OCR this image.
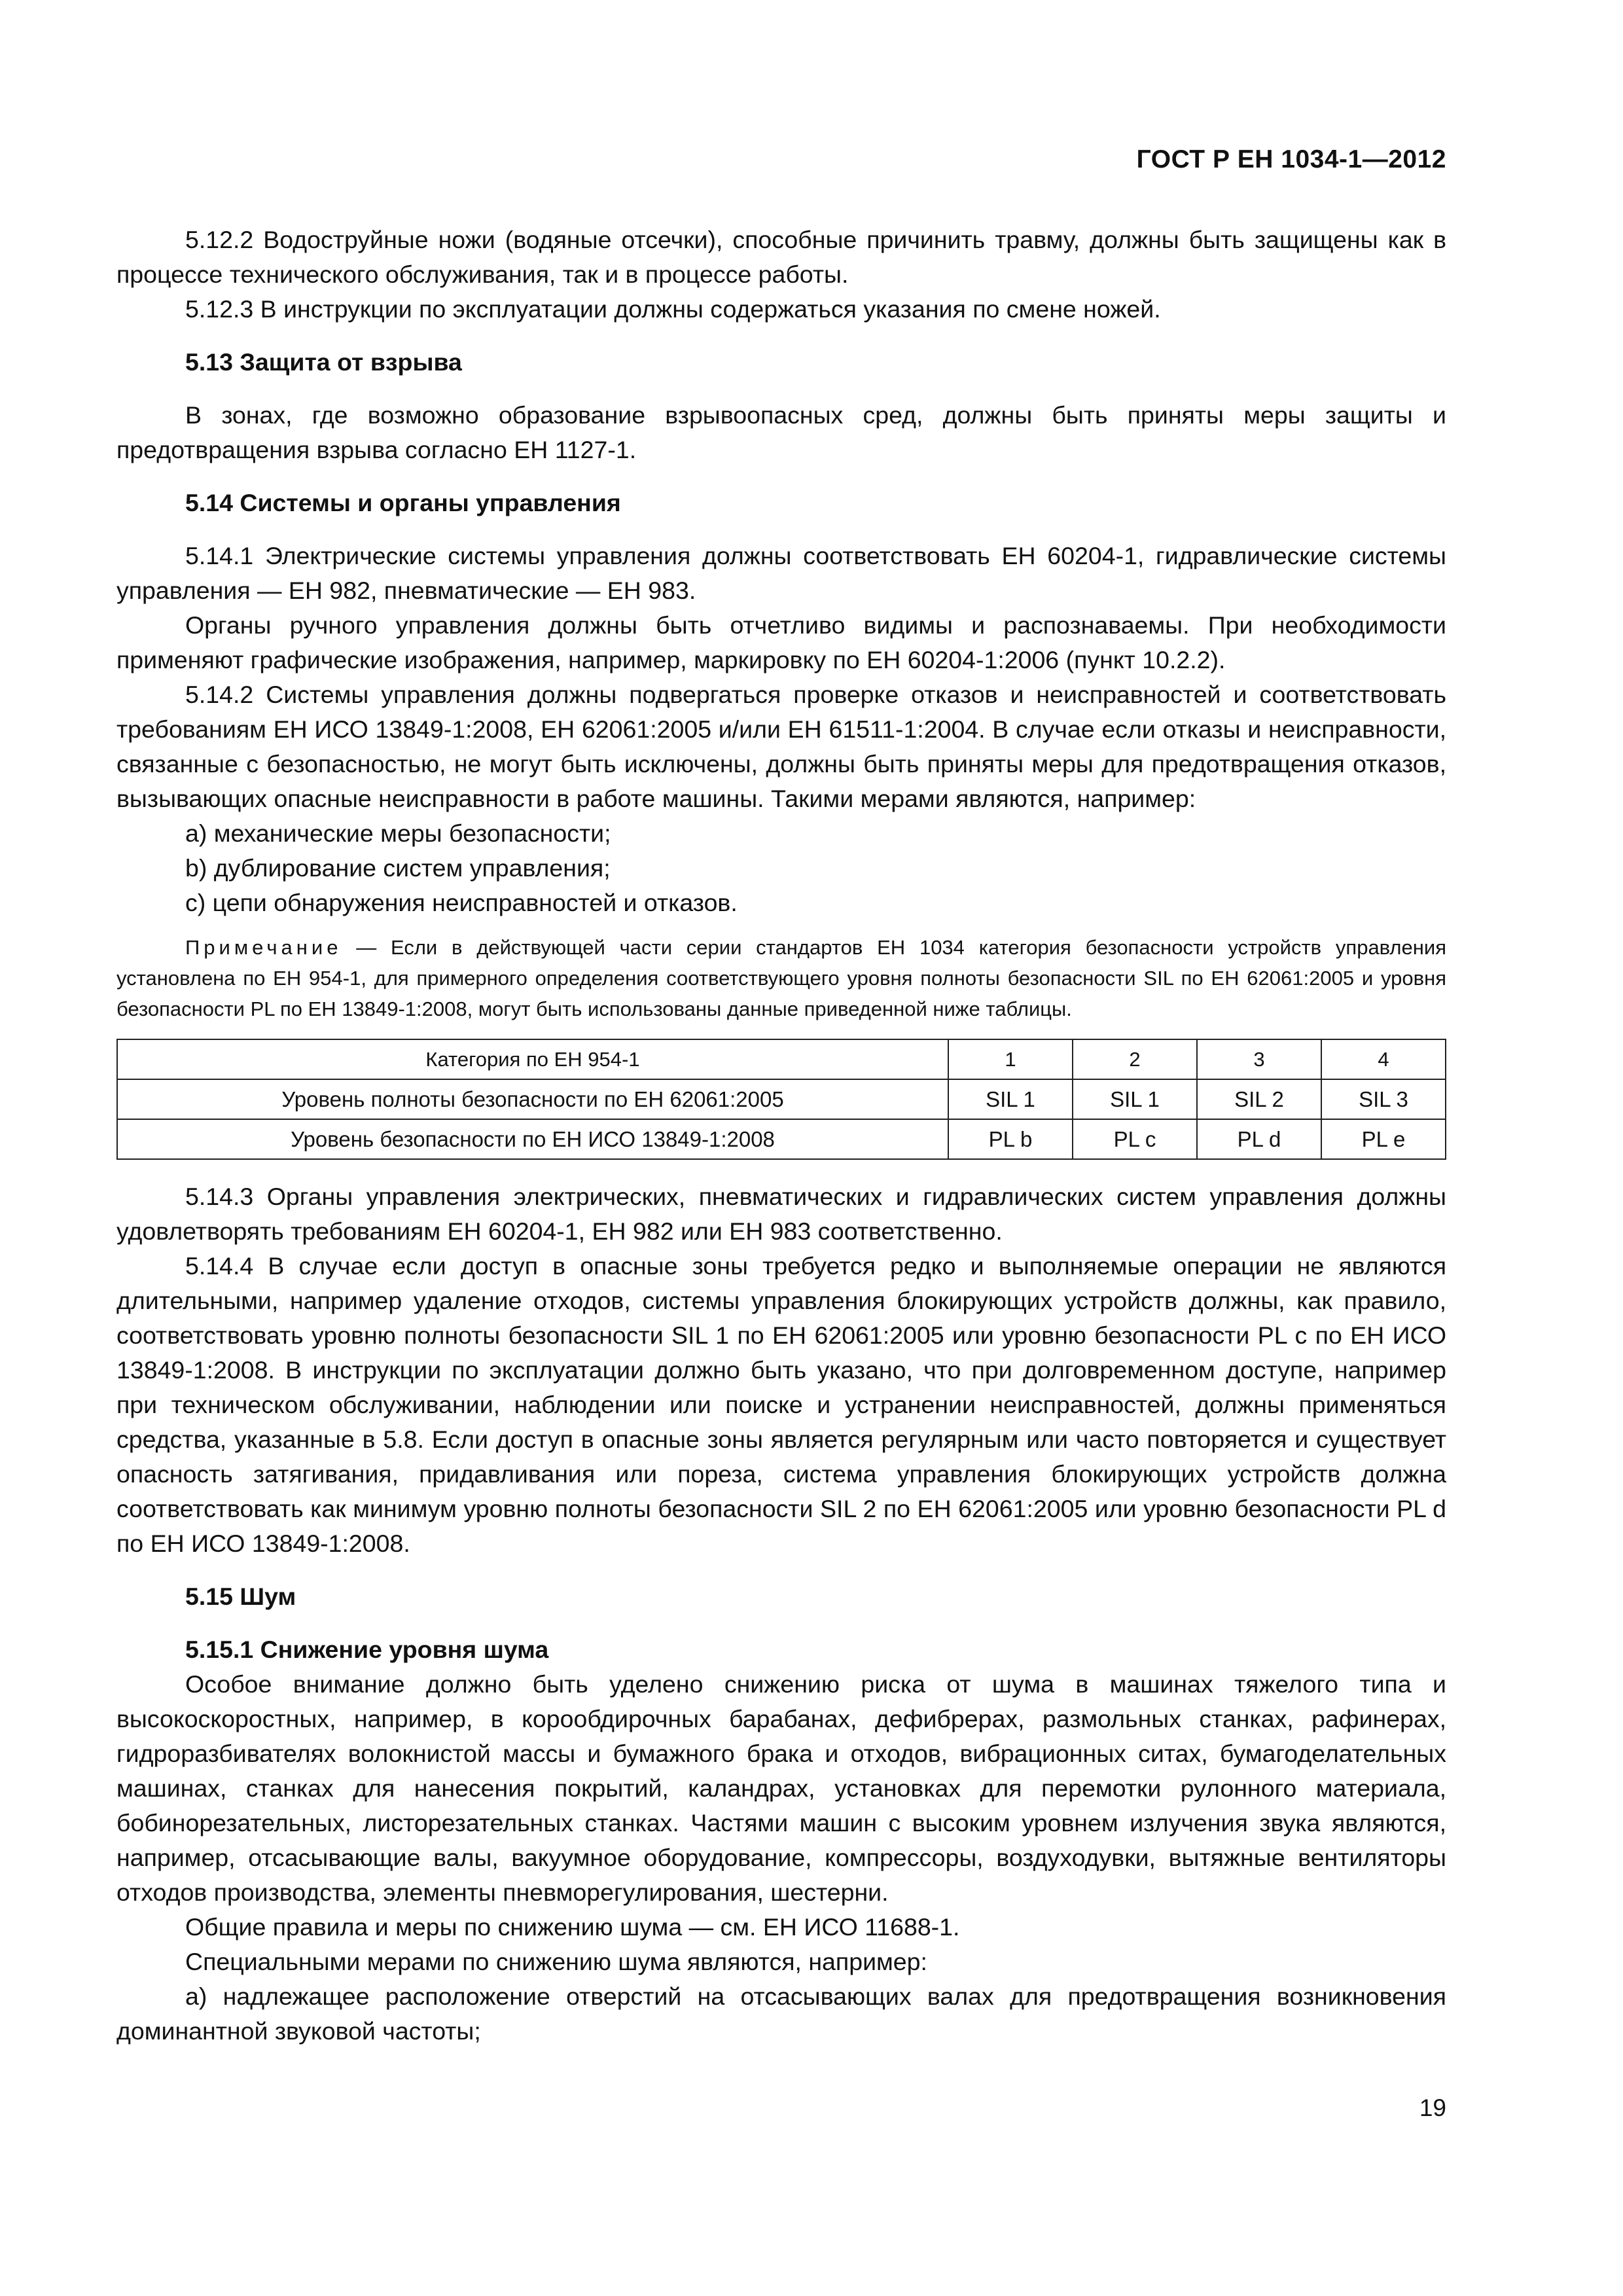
ГОСТ Р ЕН 1034-1—2012

5.12.2 Водоструйные ножи (водяные отсечки), способные причинить травму, должны быть защищены как в процессе технического обслуживания, так и в процессе работы.

5.12.3 В инструкции по эксплуатации должны содержаться указания по смене ножей.

5.13 Защита от взрыва

В зонах, где возможно образование взрывоопасных сред, должны быть приняты меры защиты и предотвращения взрыва согласно ЕН 1127-1.

5.14 Системы и органы управления

5.14.1 Электрические системы управления должны соответствовать ЕН 60204-1, гидравлические системы управления — ЕН 982, пневматические — ЕН 983.

Органы ручного управления должны быть отчетливо видимы и распознаваемы. При необходимости применяют графические изображения, например, маркировку по ЕН 60204-1:2006 (пункт 10.2.2).

5.14.2 Системы управления должны подвергаться проверке отказов и неисправностей и соответствовать требованиям ЕН ИСО 13849-1:2008, ЕН 62061:2005 и/или ЕН 61511-1:2004. В случае если отказы и неисправности, связанные с безопасностью, не могут быть исключены, должны быть приняты меры для предотвращения отказов, вызывающих опасные неисправности в работе машины. Такими мерами являются, например:

a) механические меры безопасности;

b) дублирование систем управления;

c) цепи обнаружения неисправностей и отказов.

Примечание — Если в действующей части серии стандартов ЕН 1034 категория безопасности устройств управления установлена по ЕН 954-1, для примерного определения соответствующего уровня полноты безопасности SIL по ЕН 62061:2005 и уровня безопасности PL по ЕН 13849-1:2008, могут быть использованы данные приведенной ниже таблицы.

Категория по ЕН 954-1	1	2	3	4
Уровень полноты безопасности по ЕН 62061:2005	SIL 1	SIL 1	SIL 2	SIL 3
Уровень безопасности по ЕН ИСО 13849-1:2008	PL b	PL c	PL d	PL e

5.14.3 Органы управления электрических, пневматических и гидравлических систем управления должны удовлетворять требованиям ЕН 60204-1, ЕН 982 или ЕН 983 соответственно.

5.14.4 В случае если доступ в опасные зоны требуется редко и выполняемые операции не являются длительными, например удаление отходов, системы управления блокирующих устройств должны, как правило, соответствовать уровню полноты безопасности SIL 1 по ЕН 62061:2005 или уровню безопасности PL c по ЕН ИСО 13849-1:2008. В инструкции по эксплуатации должно быть указано, что при долговременном доступе, например при техническом обслуживании, наблюдении или поиске и устранении неисправностей, должны применяться средства, указанные в 5.8. Если доступ в опасные зоны является регулярным или часто повторяется и существует опасность затягивания, придавливания или пореза, система управления блокирующих устройств должна соответствовать как минимум уровню полноты безопасности SIL 2 по ЕН 62061:2005 или уровню безопасности PL d по ЕН ИСО 13849-1:2008.

5.15 Шум

5.15.1 Снижение уровня шума

Особое внимание должно быть уделено снижению риска от шума в машинах тяжелого типа и высокоскоростных, например, в корообдирочных барабанах, дефибрерах, размольных станках, рафинерах, гидроразбивателях волокнистой массы и бумажного брака и отходов, вибрационных ситах, бумагоделательных машинах, станках для нанесения покрытий, каландрах, установках для перемотки рулонного материала, бобинорезательных, листорезательных станках. Частями машин с высоким уровнем излучения звука являются, например, отсасывающие валы, вакуумное оборудование, компрессоры, воздуходувки, вытяжные вентиляторы отходов производства, элементы пневморегулирования, шестерни.

Общие правила и меры по снижению шума — см. ЕН ИСО 11688-1.

Специальными мерами по снижению шума являются, например:

a) надлежащее расположение отверстий на отсасывающих валах для предотвращения возникновения доминантной звуковой частоты;

19
